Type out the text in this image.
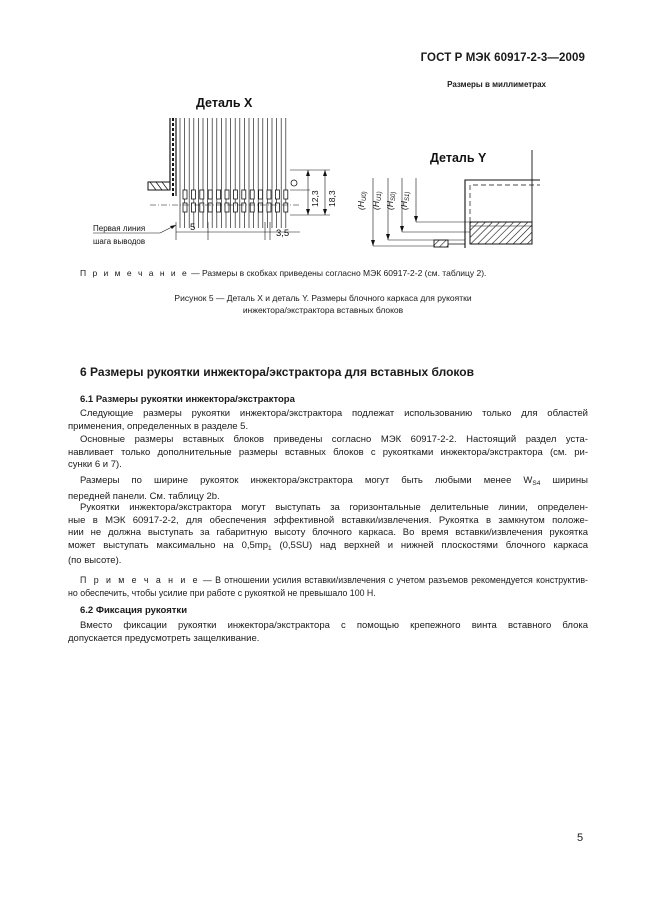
ГОСТ Р МЭК 60917-2-3—2009
Размеры в миллиметрах
Деталь X
5
3,5
Первая линия
шага выводов
12,3 18,3
Деталь Y
($H_{U0)}$
($H_{U1)}$
($H_{S0)}$
($H_{S1)}$
П р и м е ч а н и е — Размеры в скобках приведены согласно МЭК 60917-2-2 (см. таблицу 2).
Рисунок 5 — Деталь X и деталь Y. Размеры блочного каркаса для рукоятки
инжектора/экстрактора вставных блоков
6 Размеры рукоятки инжектора/экстрактора для вставных блоков
6.1 Размеры рукоятки инжектора/экстрактора
Следующие размеры рукоятки инжектора/экстрактора подлежат использованию только для областей
применения, определенных в разделе 5.
Основные размеры вставных блоков приведены согласно МЭК 60917-2-2. Настоящий раздел уста-
навливает только дополнительные размеры вставных блоков с рукоятками инжектора/экстрактора (см. ри-
сунки 6 и 7).
Размеры по ширине рукояток инжектора/экстрактора могут быть любыми менее $W_{S4}$ ширины
передней панели. См. таблицу 2b.
Рукоятки инжектора/экстрактора могут выступать за горизонтальные делительные линии, определен-
ные в МЭК 60917-2-2, для обеспечения эффективной вставки/извлечения. Рукоятка в замкнутом положе-
нии не должна выступать за габаритную высоту блочного каркаса. Во время вставки/извлечения рукоятка
может выступать максимально на $0,5mp_1$ (0,5SU) над верхней и нижней плоскостями блочного каркаса
(по высоте).
П р и м е ч а н и е — В отношении усилия вставки/извлечения с учетом разъемов рекомендуется конструктив-
но обеспечить, чтобы усилие при работе с рукояткой не превышало 100 Н.
6.2 Фиксация рукоятки
Вместо фиксации рукоятки инжектора/экстрактора с помощью крепежного винта вставного блока
допускается предусмотреть защелкивание.
5
